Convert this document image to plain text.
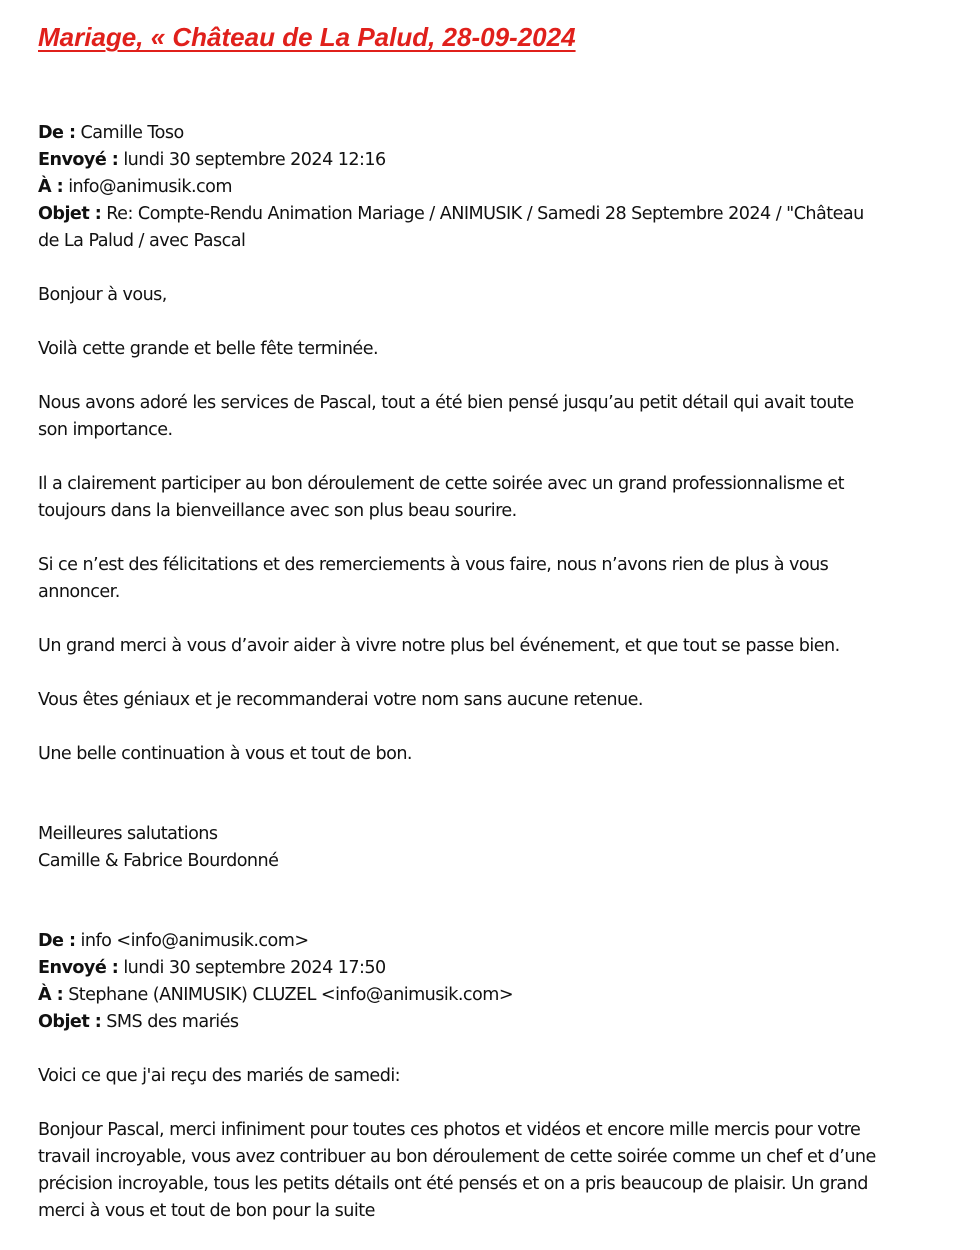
Mariage, « Château de La Palud, 28-09-2024
De : Camille Toso
Envoyé : lundi 30 septembre 2024 12:16
À : info@animusik.com
Objet : Re: Compte-Rendu Animation Mariage / ANIMUSIK / Samedi 28 Septembre 2024 / "Château
de La Palud / avec Pascal
Bonjour à vous,
Voilà cette grande et belle fête terminée.
Nous avons adoré les services de Pascal, tout a été bien pensé jusqu’au petit détail qui avait toute
son importance.
Il a clairement participer au bon déroulement de cette soirée avec un grand professionnalisme et
toujours dans la bienveillance avec son plus beau sourire.
Si ce n’est des félicitations et des remerciements à vous faire, nous n’avons rien de plus à vous
annoncer.
Un grand merci à vous d’avoir aider à vivre notre plus bel événement, et que tout se passe bien.
Vous êtes géniaux et je recommanderai votre nom sans aucune retenue.
Une belle continuation à vous et tout de bon.
Meilleures salutations
Camille & Fabrice Bourdonné
De : info <info@animusik.com>
Envoyé : lundi 30 septembre 2024 17:50
À : Stephane (ANIMUSIK) CLUZEL <info@animusik.com>
Objet : SMS des mariés
Voici ce que j'ai reçu des mariés de samedi:
Bonjour Pascal, merci infiniment pour toutes ces photos et vidéos et encore mille mercis pour votre
travail incroyable, vous avez contribuer au bon déroulement de cette soirée comme un chef et d’une
précision incroyable, tous les petits détails ont été pensés et on a pris beaucoup de plaisir. Un grand
merci à vous et tout de bon pour la suite
